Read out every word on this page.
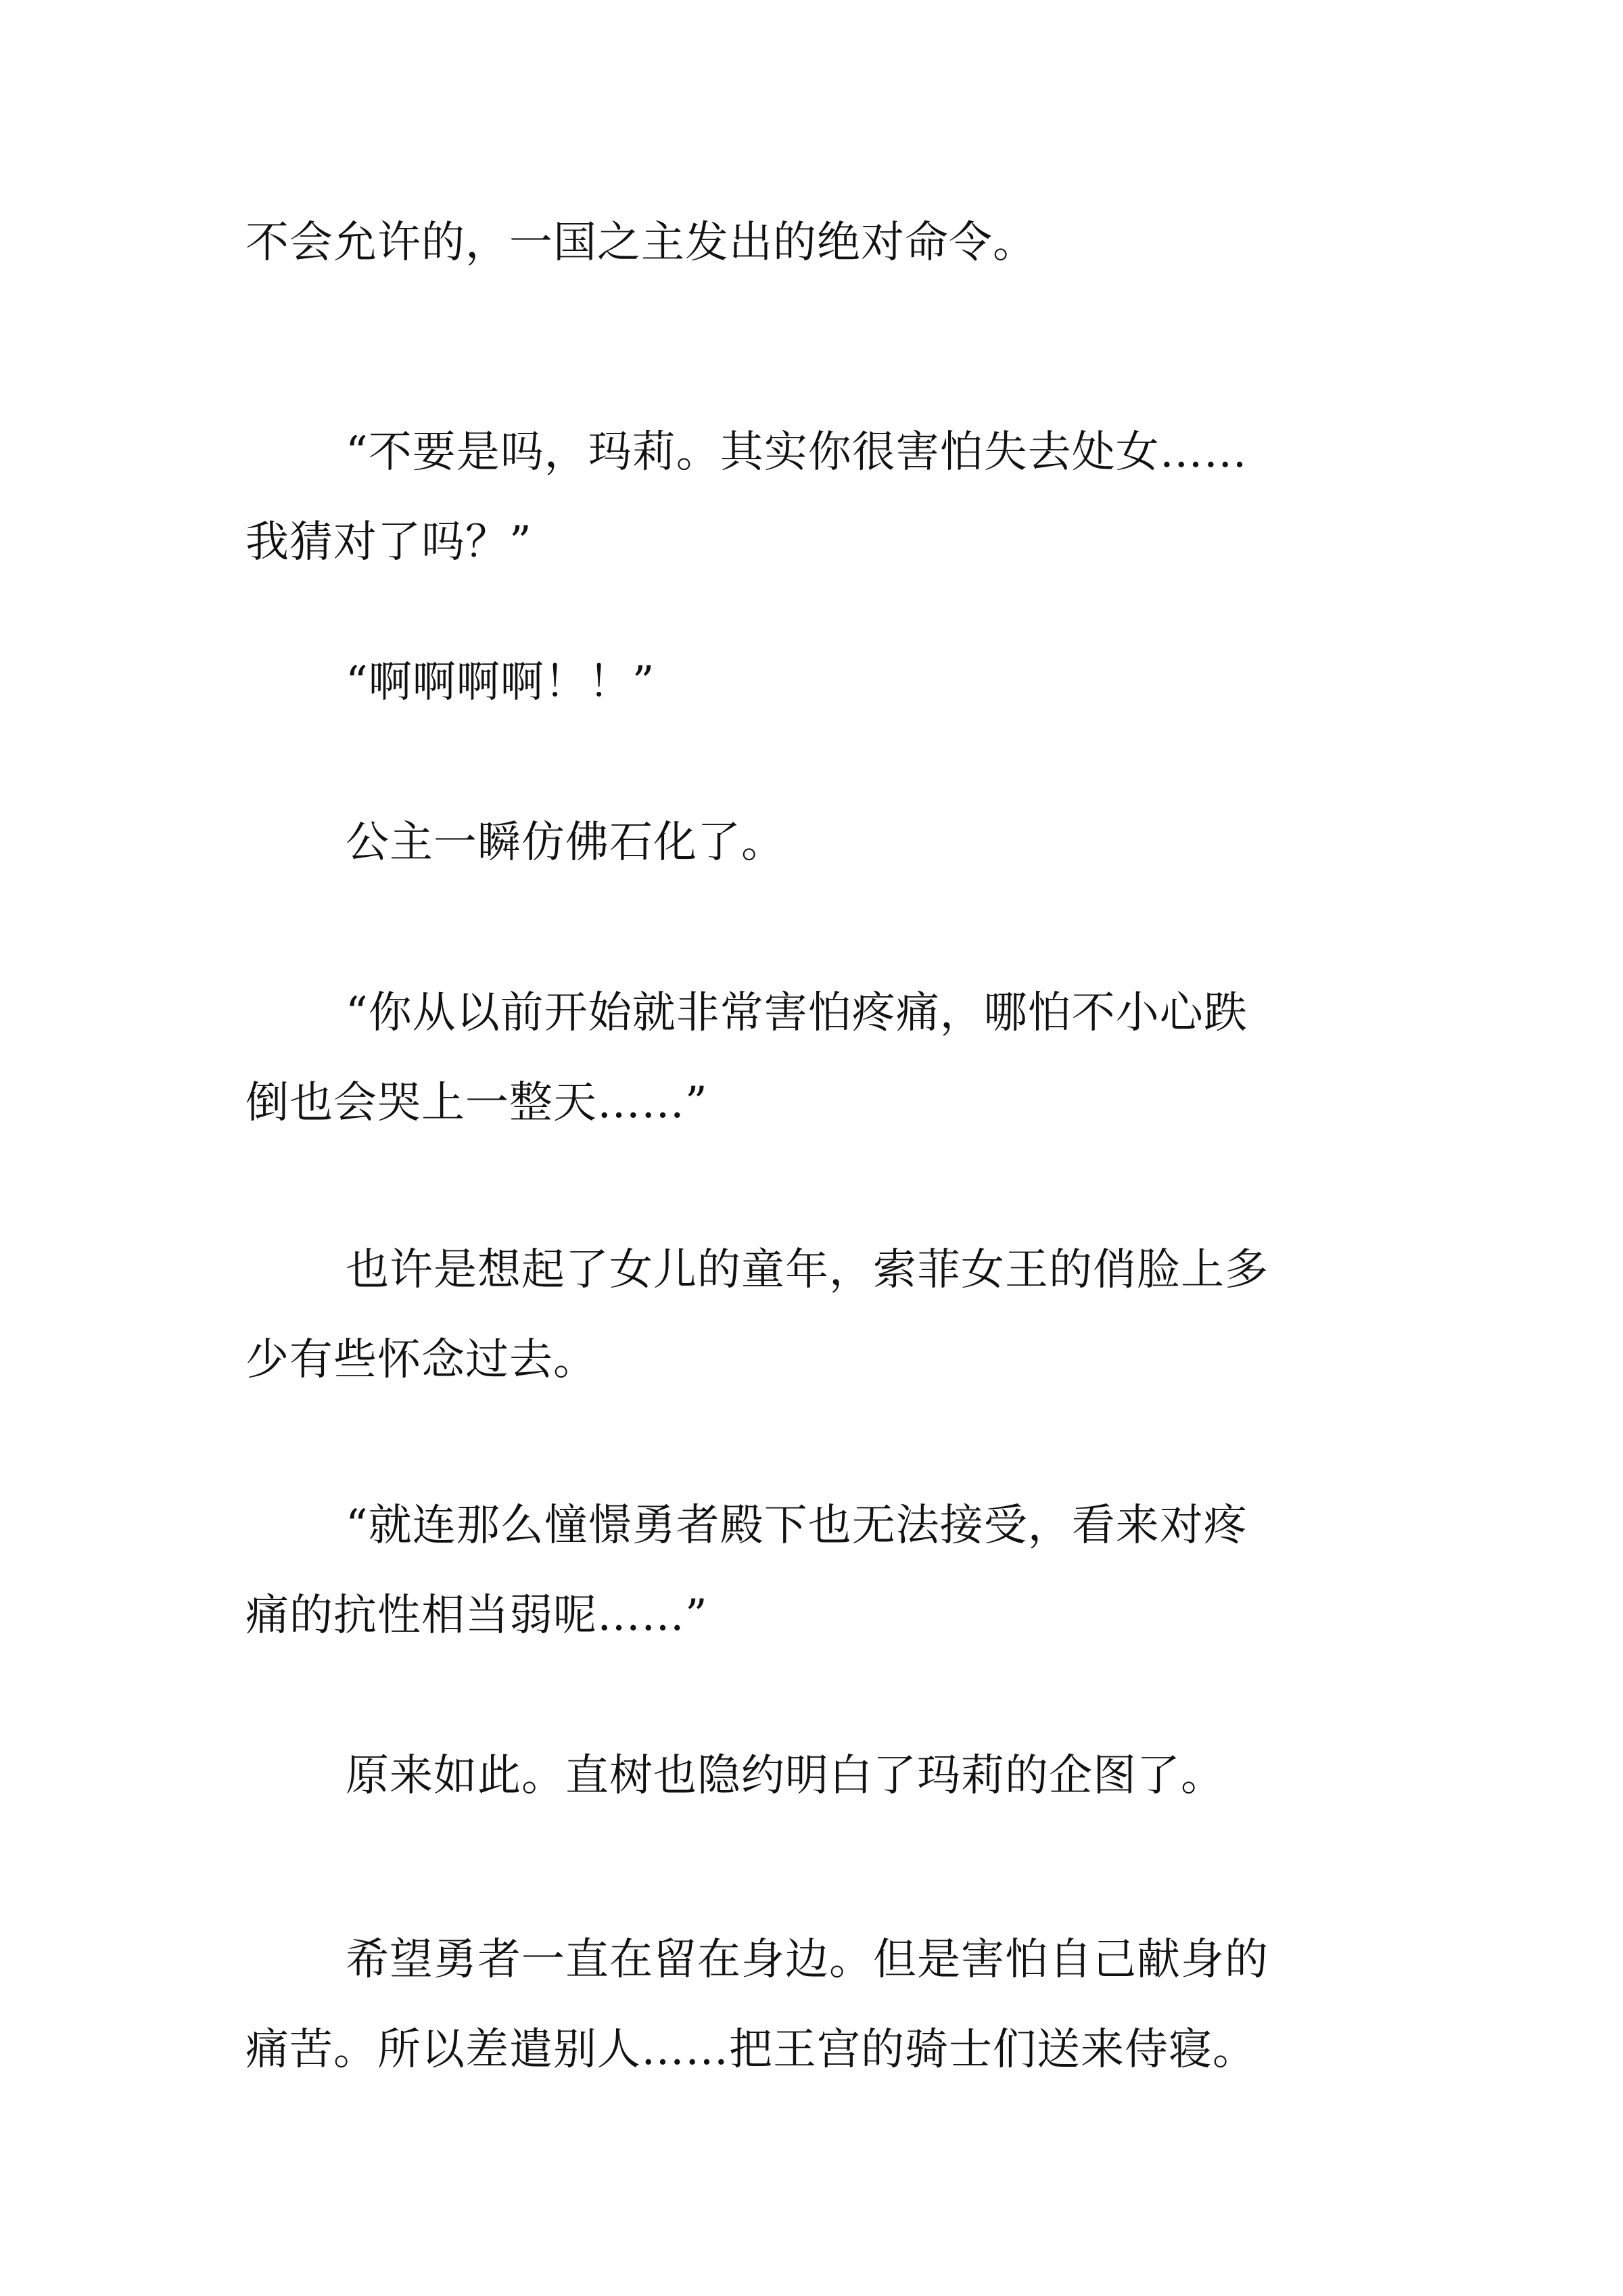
不会允许的，一国之主发出的绝对命令。

“不要是吗，玛莉。其实你很害怕失去处女……
我猜对了吗？”

“啊啊啊啊！！”

公主一瞬仿佛石化了。

“你从以前开始就非常害怕疼痛，哪怕不小心跌
倒也会哭上一整天……”

也许是想起了女儿的童年，索菲女王的俏脸上多
少有些怀念过去。

“就连那么憧憬勇者殿下也无法接受，看来对疼
痛的抗性相当弱呢……”

原来如此。直树也隐约明白了玛莉的企图了。

希望勇者一直在留在身边。但是害怕自己献身的
痛苦。所以差遣别人……把王宫的骑士们送来侍寝。
